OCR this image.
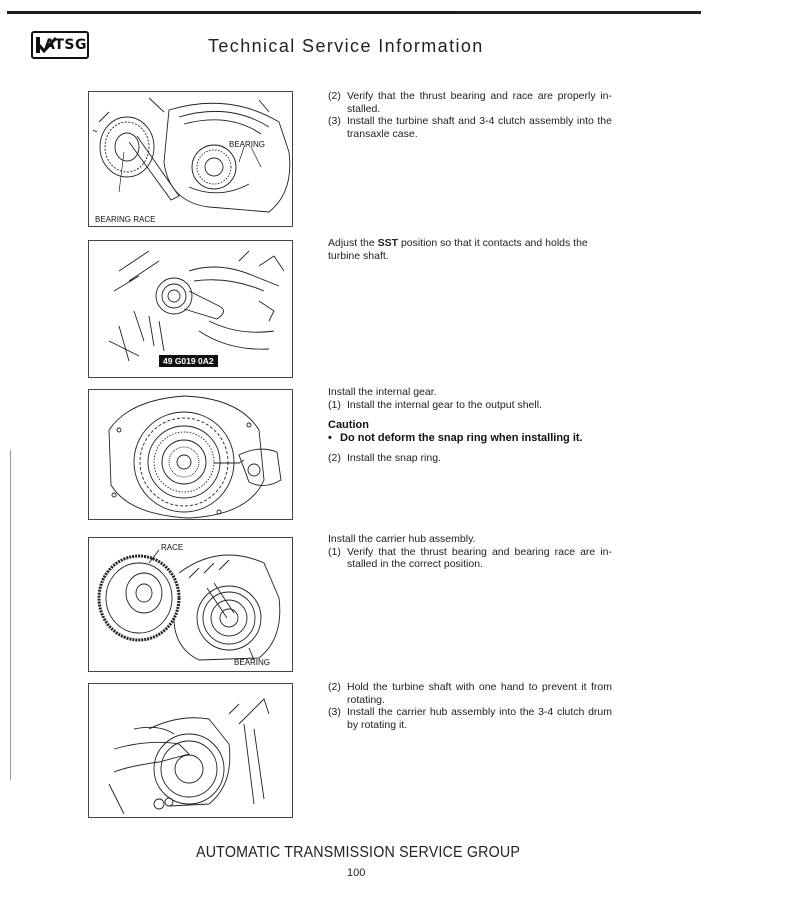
ATSG	Technical Service Information
BEARING
BEARING RACE
49 G019 0A2
RACE
BEARING
(2) Verify that the thrust bearing and race are properly in-stalled.
(3) Install the turbine shaft and 3-4 clutch assembly into the transaxle case.
Adjust the SST position so that it contacts and holds the turbine shaft.
Install the internal gear.
(1) Install the internal gear to the output shell.
Caution
• Do not deform the snap ring when installing it.
(2) Install the snap ring.
Install the carrier hub assembly.
(1) Verify that the thrust bearing and bearing race are in-stalled in the correct position.
(2) Hold the turbine shaft with one hand to prevent it from rotating.
(3) Install the carrier hub assembly into the 3-4 clutch drum by rotating it.
AUTOMATIC TRANSMISSION SERVICE GROUP
100
